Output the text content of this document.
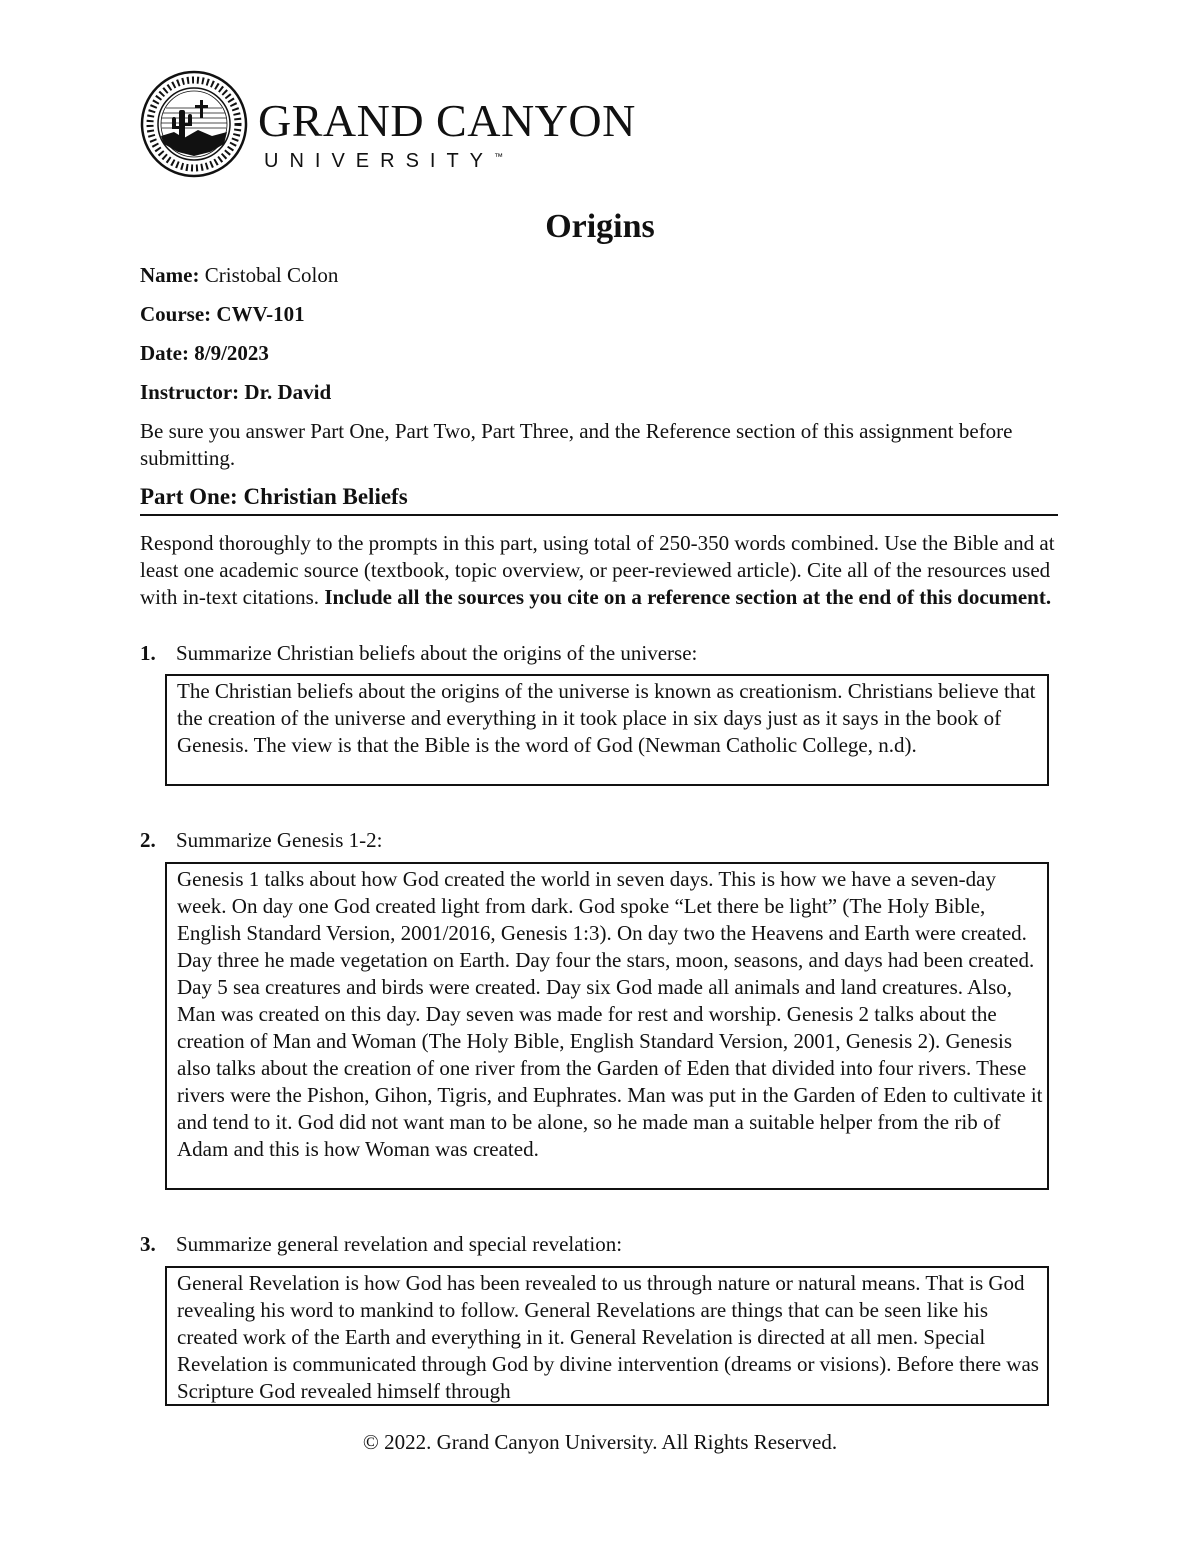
GRAND CANYON
UNIVERSITY™
Origins
Name: Cristobal Colon
Course: CWV-101
Date: 8/9/2023
Instructor: Dr. David
Be sure you answer Part One, Part Two, Part Three, and the Reference section of this assignment before submitting.
Part One: Christian Beliefs
Respond thoroughly to the prompts in this part, using total of 250-350 words combined. Use the Bible and at least one academic source (textbook, topic overview, or peer-reviewed article). Cite all of the resources used with in-text citations. Include all the sources you cite on a reference section at the end of this document.
1. Summarize Christian beliefs about the origins of the universe:
The Christian beliefs about the origins of the universe is known as creationism. Christians believe that the creation of the universe and everything in it took place in six days just as it says in the book of Genesis. The view is that the Bible is the word of God (Newman Catholic College, n.d).
2. Summarize Genesis 1-2:
Genesis 1 talks about how God created the world in seven days. This is how we have a seven-day week. On day one God created light from dark. God spoke “Let there be light” (The Holy Bible, English Standard Version, 2001/2016, Genesis 1:3). On day two the Heavens and Earth were created. Day three he made vegetation on Earth. Day four the stars, moon, seasons, and days had been created. Day 5 sea creatures and birds were created. Day six God made all animals and land creatures. Also, Man was created on this day. Day seven was made for rest and worship. Genesis 2 talks about the creation of Man and Woman (The Holy Bible, English Standard Version, 2001, Genesis 2). Genesis also talks about the creation of one river from the Garden of Eden that divided into four rivers. These rivers were the Pishon, Gihon, Tigris, and Euphrates. Man was put in the Garden of Eden to cultivate it and tend to it. God did not want man to be alone, so he made man a suitable helper from the rib of Adam and this is how Woman was created.
3. Summarize general revelation and special revelation:
General Revelation is how God has been revealed to us through nature or natural means. That is God revealing his word to mankind to follow. General Revelations are things that can be seen like his created work of the Earth and everything in it. General Revelation is directed at all men. Special Revelation is communicated through God by divine intervention (dreams or visions). Before there was Scripture God revealed himself through
© 2022. Grand Canyon University. All Rights Reserved.
